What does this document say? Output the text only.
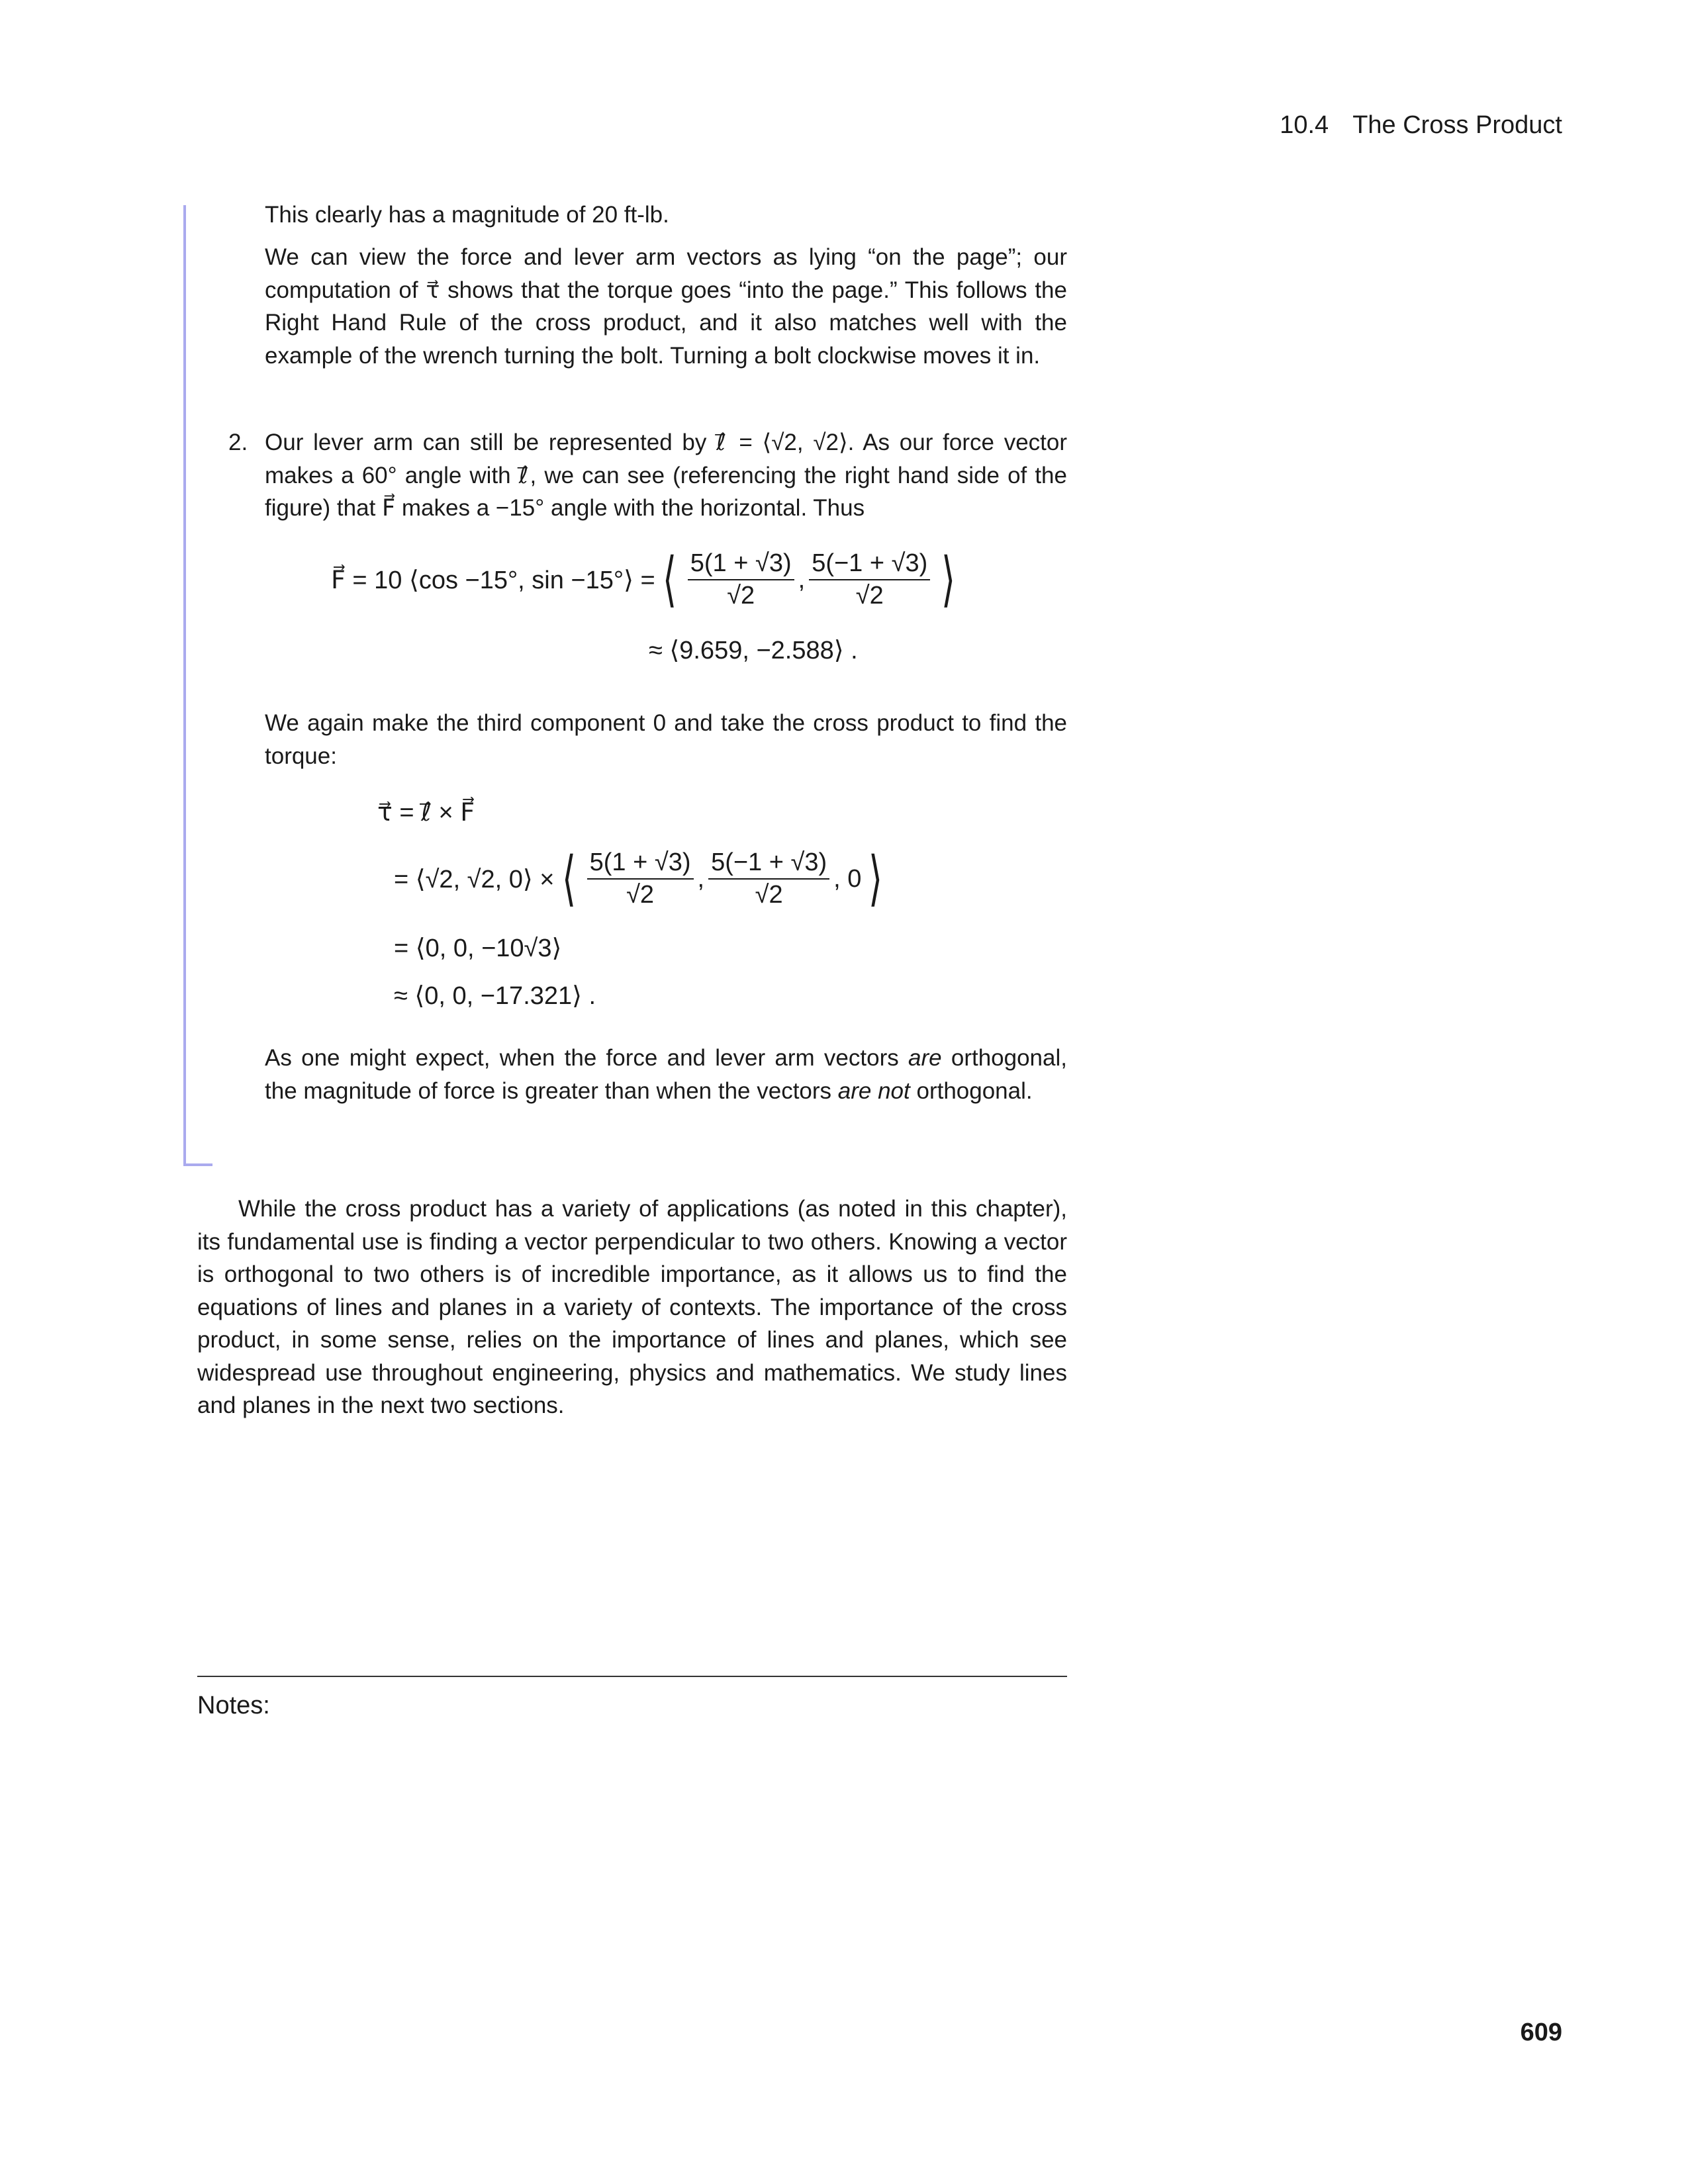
10.4 The Cross Product
This clearly has a magnitude of 20 ft-lb.
We can view the force and lever arm vectors as lying “on the page”; our computation of τ⃗ shows that the torque goes “into the page.” This follows the Right Hand Rule of the cross product, and it also matches well with the example of the wrench turning the bolt. Turning a bolt clockwise moves it in.
2. Our lever arm can still be represented by ℓ⃗ = ⟨√2, √2⟩. As our force vector makes a 60° angle with ℓ⃗, we can see (referencing the right hand side of the figure) that F⃗ makes a −15° angle with the horizontal. Thus
F⃗ = 10 ⟨cos −15°, sin −15°⟩ = ⟨ $\frac{5(1 + √3)}{√2}$ , $\frac{5(-1 + √3)}{√2}$ ⟩
≈ ⟨9.659, −2.588⟩ .
We again make the third component 0 and take the cross product to find the torque:
τ⃗ = ℓ⃗ × F⃗
= ⟨√2, √2, 0⟩ × ⟨ $\frac{5(1 + √3)}{√2}$ , $\frac{5(-1 + √3)}{√2}$ , 0 ⟩
= ⟨0, 0, −10√3⟩
≈ ⟨0, 0, −17.321⟩ .
As one might expect, when the force and lever arm vectors are orthogonal, the magnitude of force is greater than when the vectors are not orthogonal.
While the cross product has a variety of applications (as noted in this chapter), its fundamental use is finding a vector perpendicular to two others. Knowing a vector is orthogonal to two others is of incredible importance, as it allows us to find the equations of lines and planes in a variety of contexts. The importance of the cross product, in some sense, relies on the importance of lines and planes, which see widespread use throughout engineering, physics and mathematics. We study lines and planes in the next two sections.
Notes:
609
